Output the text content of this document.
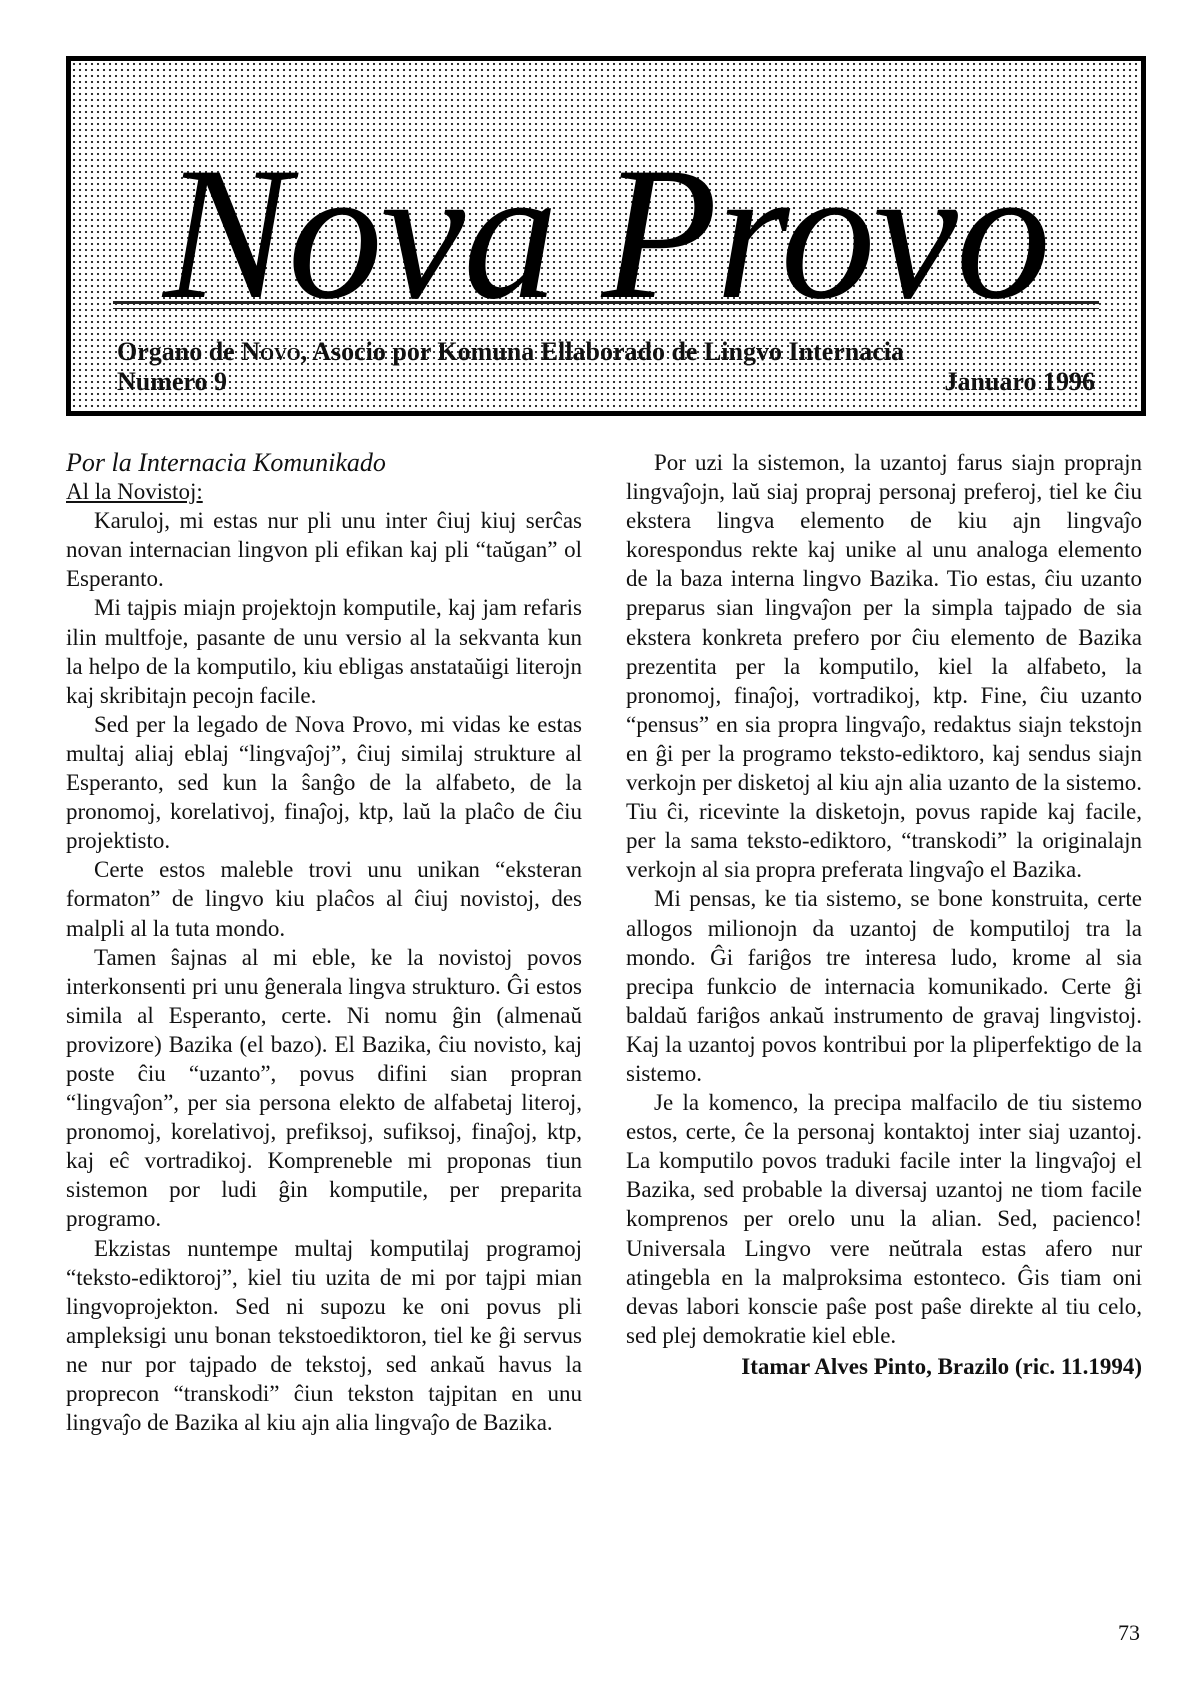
Nova Provo
Organo de Novo, Asocio por Komuna Ellaborado de Lingvo Internacia
Numero 9	Januaro 1996

Por la Internacia Komunikado

Al la Novistoj:

Karuloj, mi estas nur pli unu inter ĉiuj kiuj serĉas novan internacian lingvon pli efikan kaj pli “taŭgan” ol Esperanto.

Mi tajpis miajn projektojn komputile, kaj jam refaris ilin multfoje, pasante de unu versio al la sekvanta kun la helpo de la komputilo, kiu ebligas anstataŭigi literojn kaj skribitajn pecojn facile.

Sed per la legado de Nova Provo, mi vidas ke estas multaj aliaj eblaj “lingvaĵoj”, ĉiuj similaj strukture al Esperanto, sed kun la ŝanĝo de la alfabeto, de la pronomoj, korelativoj, finaĵoj, ktp, laŭ la plaĉo de ĉiu projektisto.

Certe estos maleble trovi unu unikan “eksteran formaton” de lingvo kiu plaĉos al ĉiuj novistoj, des malpli al la tuta mondo.

Tamen ŝajnas al mi eble, ke la novistoj povos interkonsenti pri unu ĝenerala lingva strukturo. Ĝi estos simila al Esperanto, certe. Ni nomu ĝin (almenaŭ provizore) Bazika (el bazo). El Bazika, ĉiu novisto, kaj poste ĉiu “uzanto”, povus difini sian propran “lingvaĵon”, per sia persona elekto de alfabetaj literoj, pronomoj, korelativoj, prefiksoj, sufiksoj, finaĵoj, ktp, kaj eĉ vortradikoj. Kompreneble mi proponas tiun sistemon por ludi ĝin komputile, per preparita programo.

Ekzistas nuntempe multaj komputilaj programoj “teksto-ediktoroj”, kiel tiu uzita de mi por tajpi mian lingvoprojekton. Sed ni supozu ke oni povus pli ampleksigi unu bonan tekstoediktoron, tiel ke ĝi servus ne nur por tajpado de tekstoj, sed ankaŭ havus la proprecon “transkodi” ĉiun tekston tajpitan en unu lingvaĵo de Bazika al kiu ajn alia lingvaĵo de Bazika.

Por uzi la sistemon, la uzantoj farus siajn proprajn lingvaĵojn, laŭ siaj propraj personaj preferoj, tiel ke ĉiu ekstera lingva elemento de kiu ajn lingvaĵo korespondus rekte kaj unike al unu analoga elemento de la baza interna lingvo Bazika. Tio estas, ĉiu uzanto preparus sian lingvaĵon per la simpla tajpado de sia ekstera konkreta prefero por ĉiu elemento de Bazika prezentita per la komputilo, kiel la alfabeto, la pronomoj, finaĵoj, vortradikoj, ktp. Fine, ĉiu uzanto “pensus” en sia propra lingvaĵo, redaktus siajn tekstojn en ĝi per la programo teksto-ediktoro, kaj sendus siajn verkojn per disketoj al kiu ajn alia uzanto de la sistemo. Tiu ĉi, ricevinte la disketojn, povus rapide kaj facile, per la sama teksto-ediktoro, “transkodi” la originalajn verkojn al sia propra preferata lingvaĵo el Bazika.

Mi pensas, ke tia sistemo, se bone konstruita, certe allogos milionojn da uzantoj de komputiloj tra la mondo. Ĝi fariĝos tre interesa ludo, krome al sia precipa funkcio de internacia komunikado. Certe ĝi baldaŭ fariĝos ankaŭ instrumento de gravaj lingvistoj. Kaj la uzantoj povos kontribui por la pliperfektigo de la sistemo.

Je la komenco, la precipa malfacilo de tiu sistemo estos, certe, ĉe la personaj kontaktoj inter siaj uzantoj. La komputilo povos traduki facile inter la lingvaĵoj el Bazika, sed probable la diversaj uzantoj ne tiom facile komprenos per orelo unu la alian. Sed, pacienco! Universala Lingvo vere neŭtrala estas afero nur atingebla en la malproksima estonteco. Ĝis tiam oni devas labori konscie paŝe post paŝe direkte al tiu celo, sed plej demokratie kiel eble.

Itamar Alves Pinto, Brazilo (ric. 11.1994)

73
